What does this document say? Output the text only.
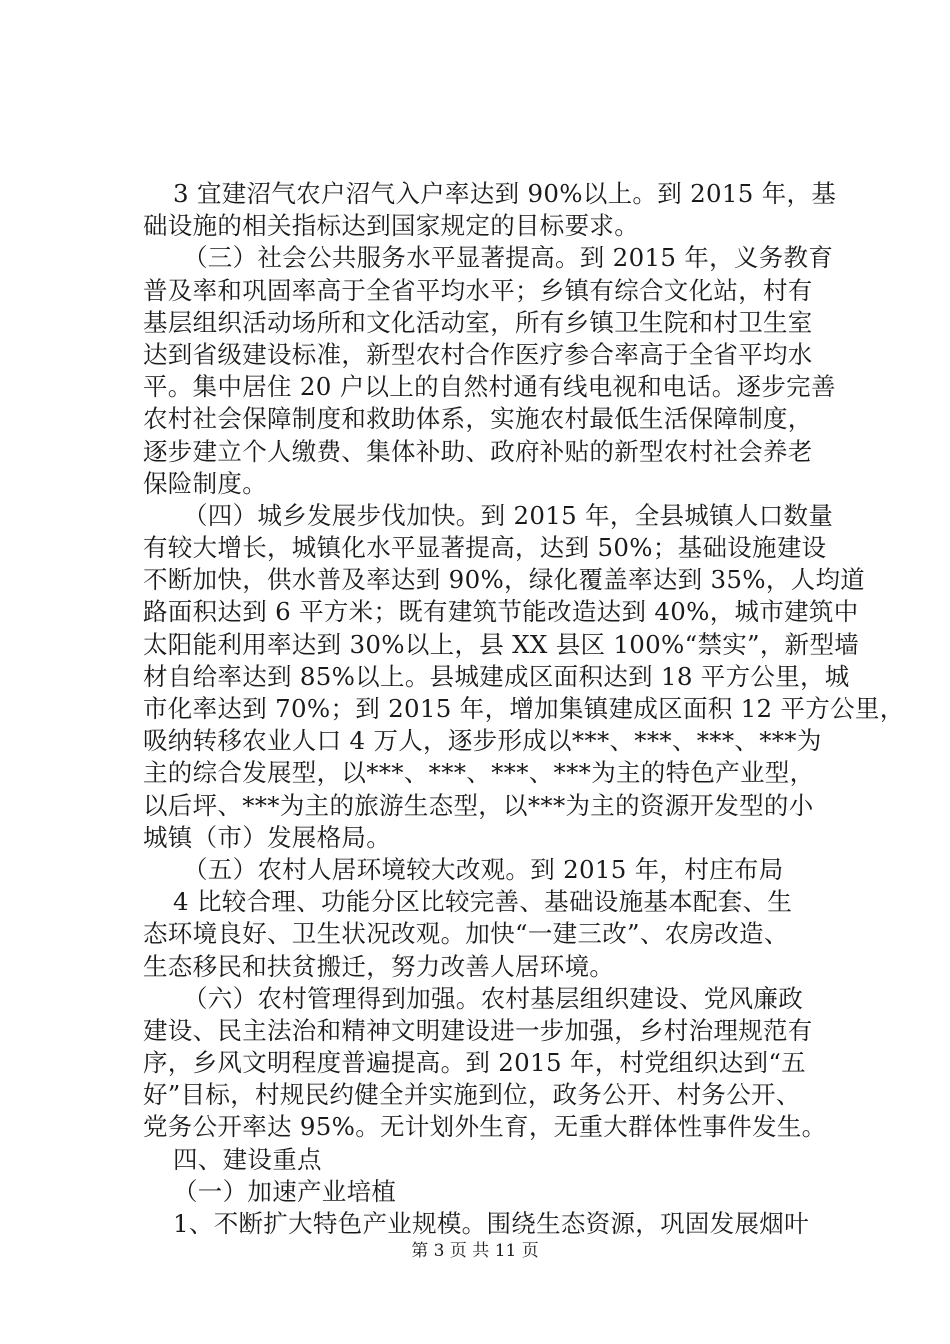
3 宜建沼气农户沼气入户率达到 90%以上。到 2015 年，基
础设施的相关指标达到国家规定的目标要求。
（三）社会公共服务水平显著提高。到 2015 年，义务教育
普及率和巩固率高于全省平均水平；乡镇有综合文化站，村有
基层组织活动场所和文化活动室，所有乡镇卫生院和村卫生室
达到省级建设标准，新型农村合作医疗参合率高于全省平均水
平。集中居住 20 户以上的自然村通有线电视和电话。逐步完善
农村社会保障制度和救助体系，实施农村最低生活保障制度，
逐步建立个人缴费、集体补助、政府补贴的新型农村社会养老
保险制度。
（四）城乡发展步伐加快。到 2015 年，全县城镇人口数量
有较大增长，城镇化水平显著提高，达到 50%；基础设施建设
不断加快，供水普及率达到 90%，绿化覆盖率达到 35%，人均道
路面积达到 6 平方米；既有建筑节能改造达到 40%，城市建筑中
太阳能利用率达到 30%以上，县 XX 县区 100%“禁实”，新型墙
材自给率达到 85%以上。县城建成区面积达到 18 平方公里，城
市化率达到 70%；到 2015 年，增加集镇建成区面积 12 平方公里，
吸纳转移农业人口 4 万人，逐步形成以***、***、***、***为
主的综合发展型，以***、***、***、***为主的特色产业型，
以后坪、***为主的旅游生态型，以***为主的资源开发型的小
城镇（市）发展格局。
（五）农村人居环境较大改观。到 2015 年，村庄布局
4 比较合理、功能分区比较完善、基础设施基本配套、生
态环境良好、卫生状况改观。加快“一建三改”、农房改造、
生态移民和扶贫搬迁，努力改善人居环境。
（六）农村管理得到加强。农村基层组织建设、党风廉政
建设、民主法治和精神文明建设进一步加强，乡村治理规范有
序，乡风文明程度普遍提高。到 2015 年，村党组织达到“五
好”目标，村规民约健全并实施到位，政务公开、村务公开、
党务公开率达 95%。无计划外生育，无重大群体性事件发生。
四、建设重点
（一）加速产业培植
1、不断扩大特色产业规模。围绕生态资源，巩固发展烟叶
第 3 页 共 11 页
